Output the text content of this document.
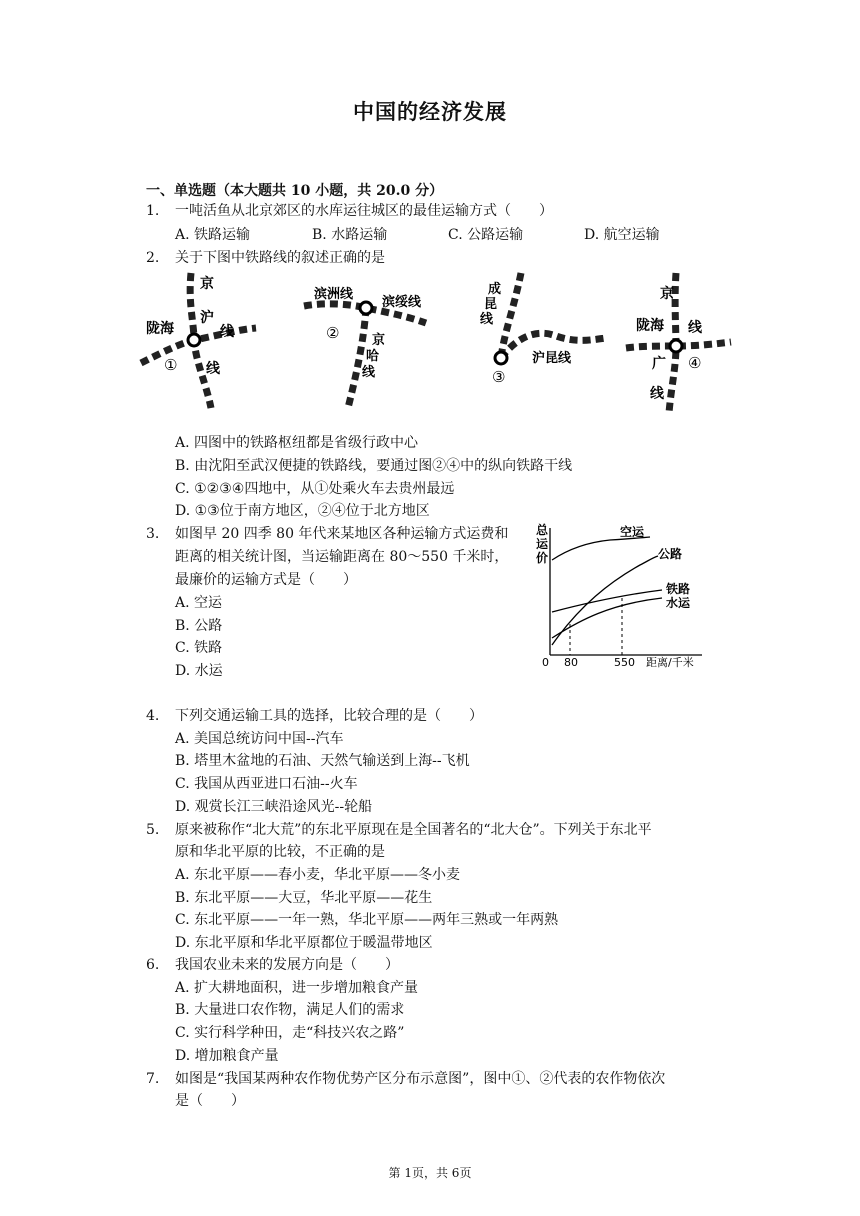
中国的经济发展
一、单选题（本大题共 10 小题，共 20.0 分）
1. 一吨活鱼从北京郊区的水库运往城区的最佳运输方式（　　）
A. 铁路运输	B. 水路运输	C. 公路运输	D. 航空运输
2. 关于下图中铁路线的叙述正确的是
京
陇海
沪
线
线
①
滨洲线
滨绥线
京
哈
线
②
成
昆
线
沪昆线
③
京
陇海 线
广
线
④
A. 四图中的铁路枢纽都是省级行政中心
B. 由沈阳至武汉便捷的铁路线，要通过图②④中的纵向铁路干线
C. ①②③④四地中，从①处乘火车去贵州最远
D. ①③位于南方地区，②④位于北方地区
3. 如图早 20 四季 80 年代来某地区各种运输方式运费和
距离的相关统计图，当运输距离在 80～550 千米时，
最廉价的运输方式是（　　）
A. 空运
B. 公路
C. 铁路
D. 水运
总
运
价
0 80	550 距离/千米
空运
公路
铁路
水运
4. 下列交通运输工具的选择，比较合理的是（　　）
A. 美国总统访问中国--汽车
B. 塔里木盆地的石油、天然气输送到上海--飞机
C. 我国从西亚进口石油--火车
D. 观赏长江三峡沿途风光--轮船
5. 原来被称作“北大荒”的东北平原现在是全国著名的“北大仓”。下列关于东北平
原和华北平原的比较，不正确的是
A. 东北平原——春小麦，华北平原——冬小麦
B. 东北平原——大豆，华北平原——花生
C. 东北平原——一年一熟，华北平原——两年三熟或一年两熟
D. 东北平原和华北平原都位于暖温带地区
6. 我国农业未来的发展方向是（　　）
A. 扩大耕地面积，进一步增加粮食产量
B. 大量进口农作物，满足人们的需求
C. 实行科学种田，走“科技兴农之路”
D. 增加粮食产量
7. 如图是“我国某两种农作物优势产区分布示意图”，图中①、②代表的农作物依次
是（　　）
第 1页，共 6页
